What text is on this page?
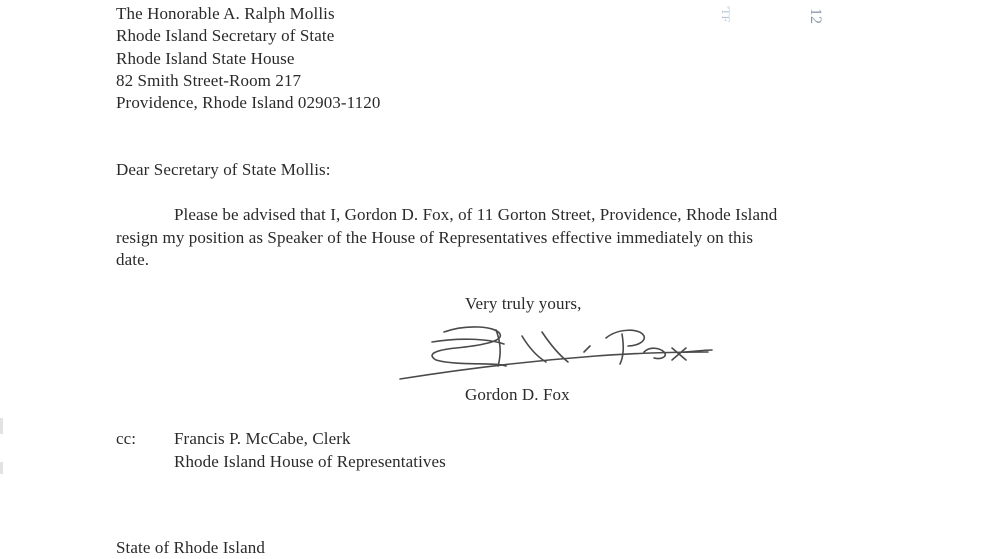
'TF	12
The Honorable A. Ralph Mollis
Rhode Island Secretary of State
Rhode Island State House
82 Smith Street-Room 217
Providence, Rhode Island 02903-1120
Dear Secretary of State Mollis:
Please be advised that I, Gordon D. Fox, of 11 Gorton Street, Providence, Rhode Island
resign my position as Speaker of the House of Representatives effective immediately on this
date.
Very truly yours,
Gordon D. Fox
cc: Francis P. McCabe, Clerk
Rhode Island House of Representatives
State of Rhode Island
